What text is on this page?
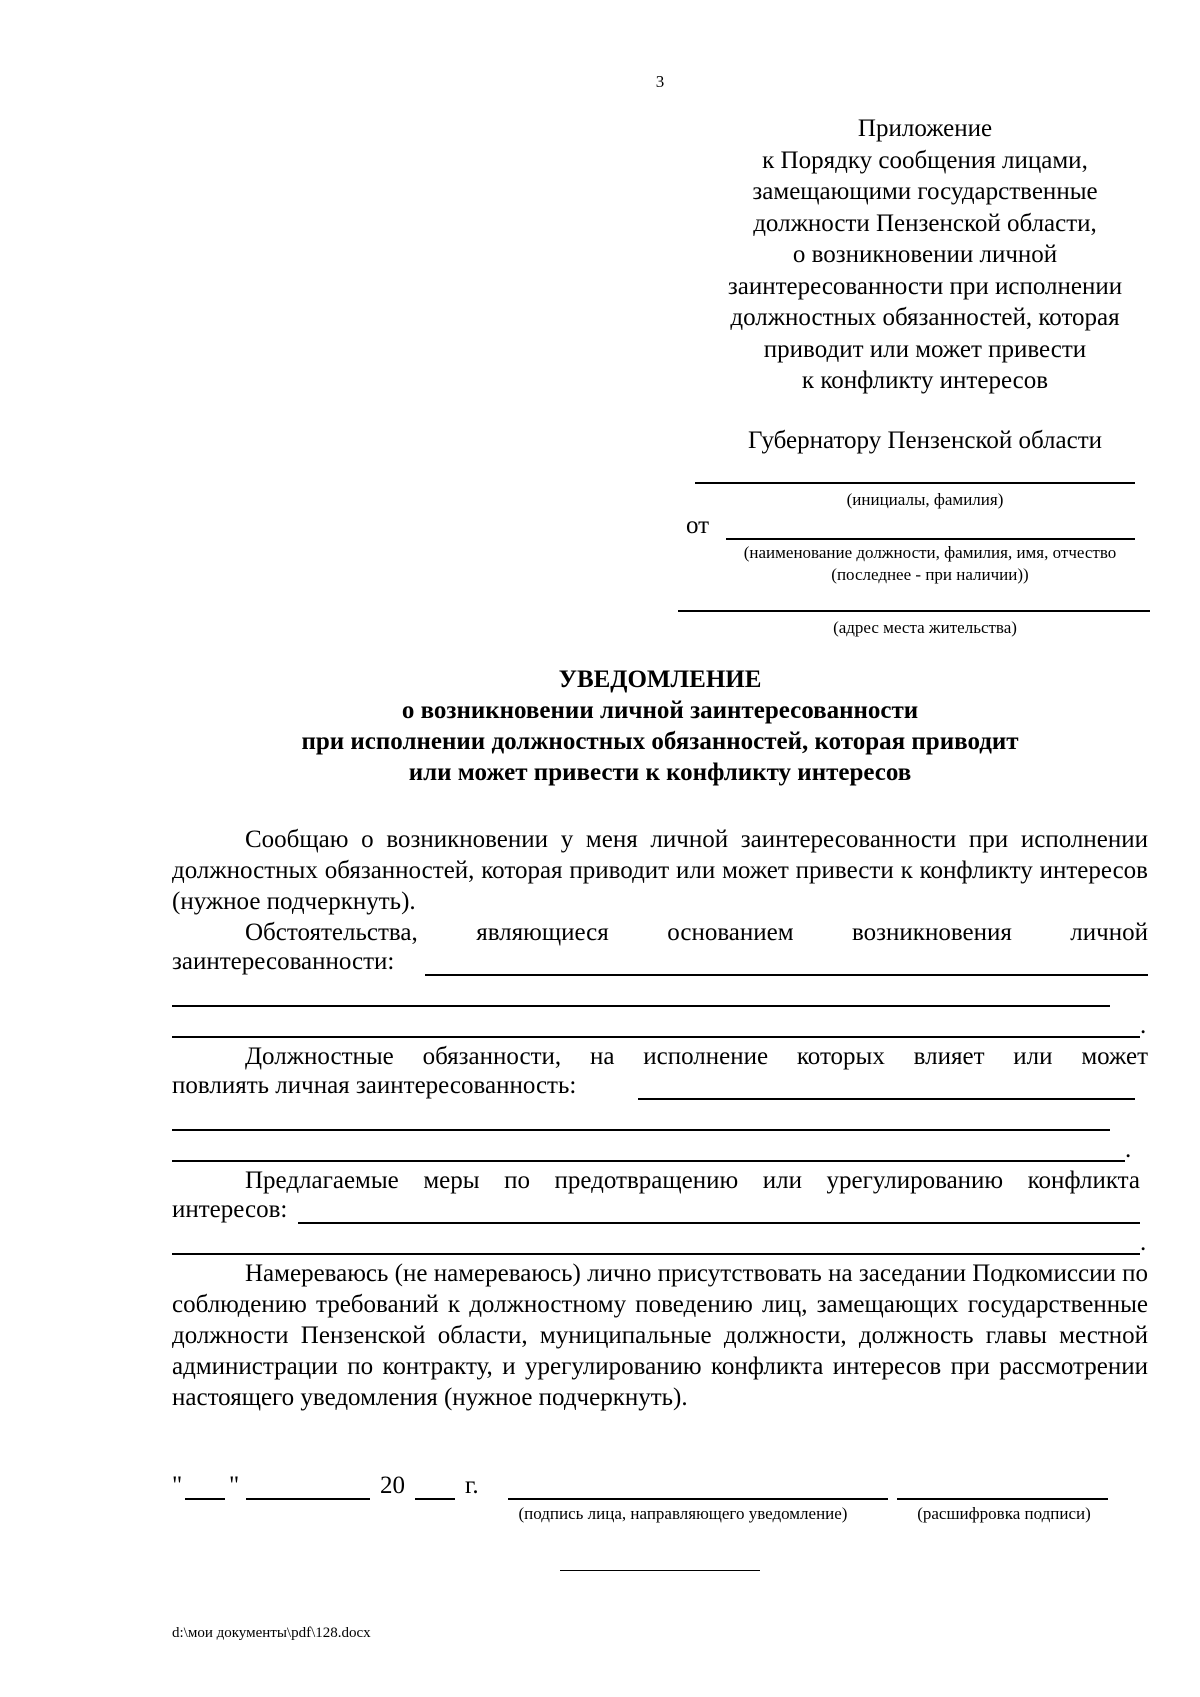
3
Приложение
к Порядку сообщения лицами,
замещающими государственные
должности Пензенской области,
о возникновении личной
заинтересованности при исполнении
должностных обязанностей, которая
приводит или может привести
к конфликту интересов
Губернатору Пензенской области
(инициалы, фамилия)
от
(наименование должности, фамилия, имя, отчество
(последнее - при наличии))
(адрес места жительства)
УВЕДОМЛЕНИЕ
о возникновении личной заинтересованности
при исполнении должностных обязанностей, которая приводит
или может привести к конфликту интересов

Сообщаю о возникновении у меня личной заинтересованности при исполнении должностных обязанностей, которая приводит или может привести к конфликту интересов (нужное подчеркнуть).

Обстоятельства, являющиеся основанием возникновения личной

заинтересованности:
.

Должностные обязанности, на исполнение которых влияет или может

повлиять личная заинтересованность:
.

Предлагаемые меры по предотвращению или урегулированию конфликта

интересов:
.

Намереваюсь (не намереваюсь) лично присутствовать на заседании Подкомиссии по соблюдению требований к должностному поведению лиц, замещающих государственные должности Пензенской области, муниципальные должности, должность главы местной администрации по контракту, и урегулированию конфликта интересов при рассмотрении настоящего уведомления (нужное подчеркнуть).

" "	20 г.
(подпись лица, направляющего уведомление)	(расшифровка подписи)
d:\мои документы\pdf\128.docx
